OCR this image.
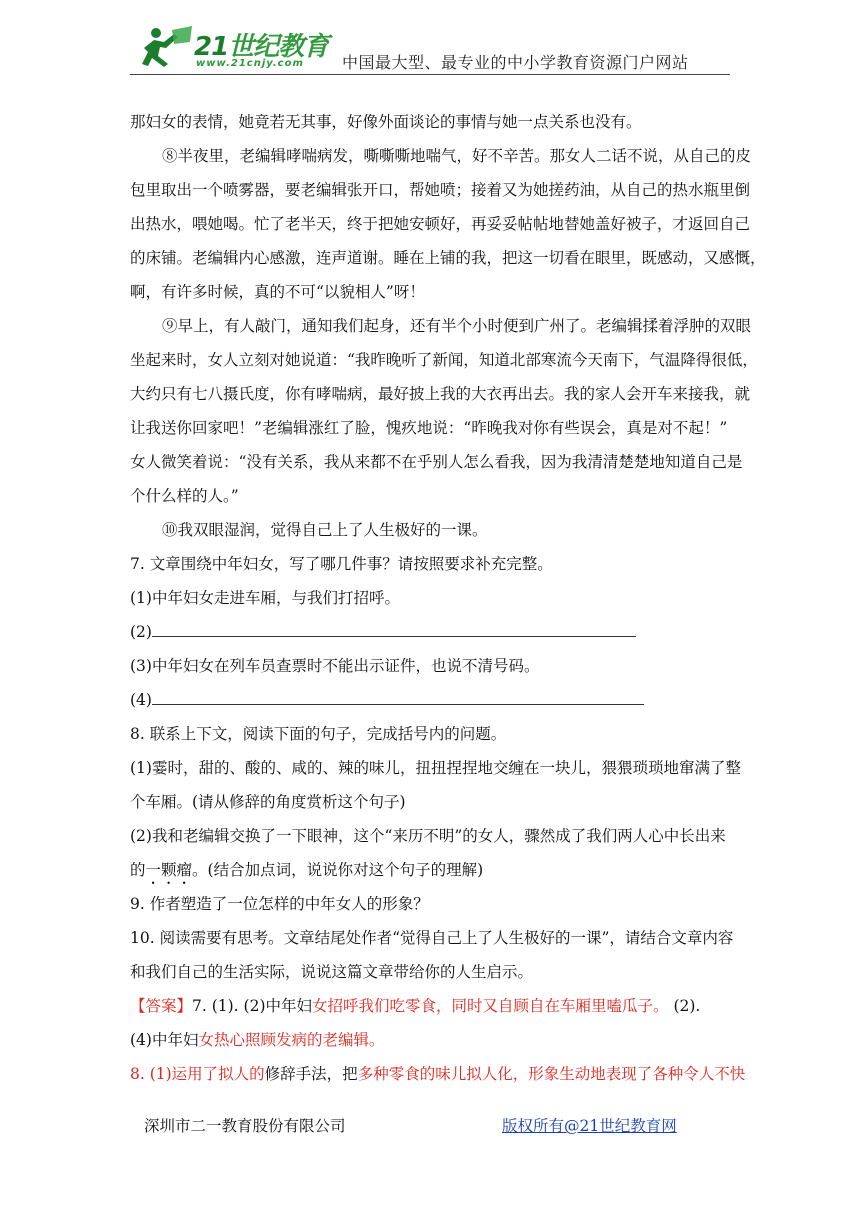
21世纪教育
www.21cnjy.com 中国最大型、最专业的中小学教育资源门户网站
那妇女的表情，她竟若无其事，好像外面谈论的事情与她一点关系也没有。
⑧半夜里，老编辑哮喘病发，嘶嘶嘶地喘气，好不辛苦。那女人二话不说，从自己的皮
包里取出一个喷雾器，要老编辑张开口，帮她喷；接着又为她搓药油，从自己的热水瓶里倒
出热水，喂她喝。忙了老半天，终于把她安顿好，再妥妥帖帖地替她盖好被子，才返回自己
的床铺。老编辑内心感激，连声道谢。睡在上铺的我，把这一切看在眼里，既感动，又感慨，
啊，有许多时候，真的不可“以貌相人”呀！
⑨早上，有人敲门，通知我们起身，还有半个小时便到广州了。老编辑揉着浮肿的双眼
坐起来时，女人立刻对她说道：“我昨晚听了新闻，知道北部寒流今天南下，气温降得很低，
大约只有七八摄氏度，你有哮喘病，最好披上我的大衣再出去。我的家人会开车来接我，就
让我送你回家吧！”老编辑涨红了脸，愧疚地说：“昨晚我对你有些误会，真是对不起！”
女人微笑着说：“没有关系，我从来都不在乎别人怎么看我，因为我清清楚楚地知道自己是
个什么样的人。”
⑩我双眼湿润，觉得自己上了人生极好的一课。
7. 文章围绕中年妇女，写了哪几件事？请按照要求补充完整。
(1)中年妇女走进车厢，与我们打招呼。
(2)
(3)中年妇女在列车员查票时不能出示证件，也说不清号码。
(4)
8. 联系上下文，阅读下面的句子，完成括号内的问题。
(1)霎时，甜的、酸的、咸的、辣的味儿，扭扭捏捏地交缠在一块儿，猥猥琐琐地窜满了整
个车厢。(请从修辞的角度赏析这个句子)
(2)我和老编辑交换了一下眼神，这个“来历不明”的女人，骤然成了我们两人心中长出来
的一颗瘤。(结合加点词，说说你对这个句子的理解)
9. 作者塑造了一位怎样的中年女人的形象？
10. 阅读需要有思考。文章结尾处作者“觉得自己上了人生极好的一课”，请结合文章内容
和我们自己的生活实际，说说这篇文章带给你的人生启示。
【答案】7. (1). (2)中年妇女招呼我们吃零食，同时又自顾自在车厢里嗑瓜子。 (2).
(4)中年妇女热心照顾发病的老编辑。
8. (1)运用了拟人的修辞手法，把多种零食的味儿拟人化，形象生动地表现了各种令人不快
深圳市二一教育股份有限公司	版权所有@21世纪教育网
